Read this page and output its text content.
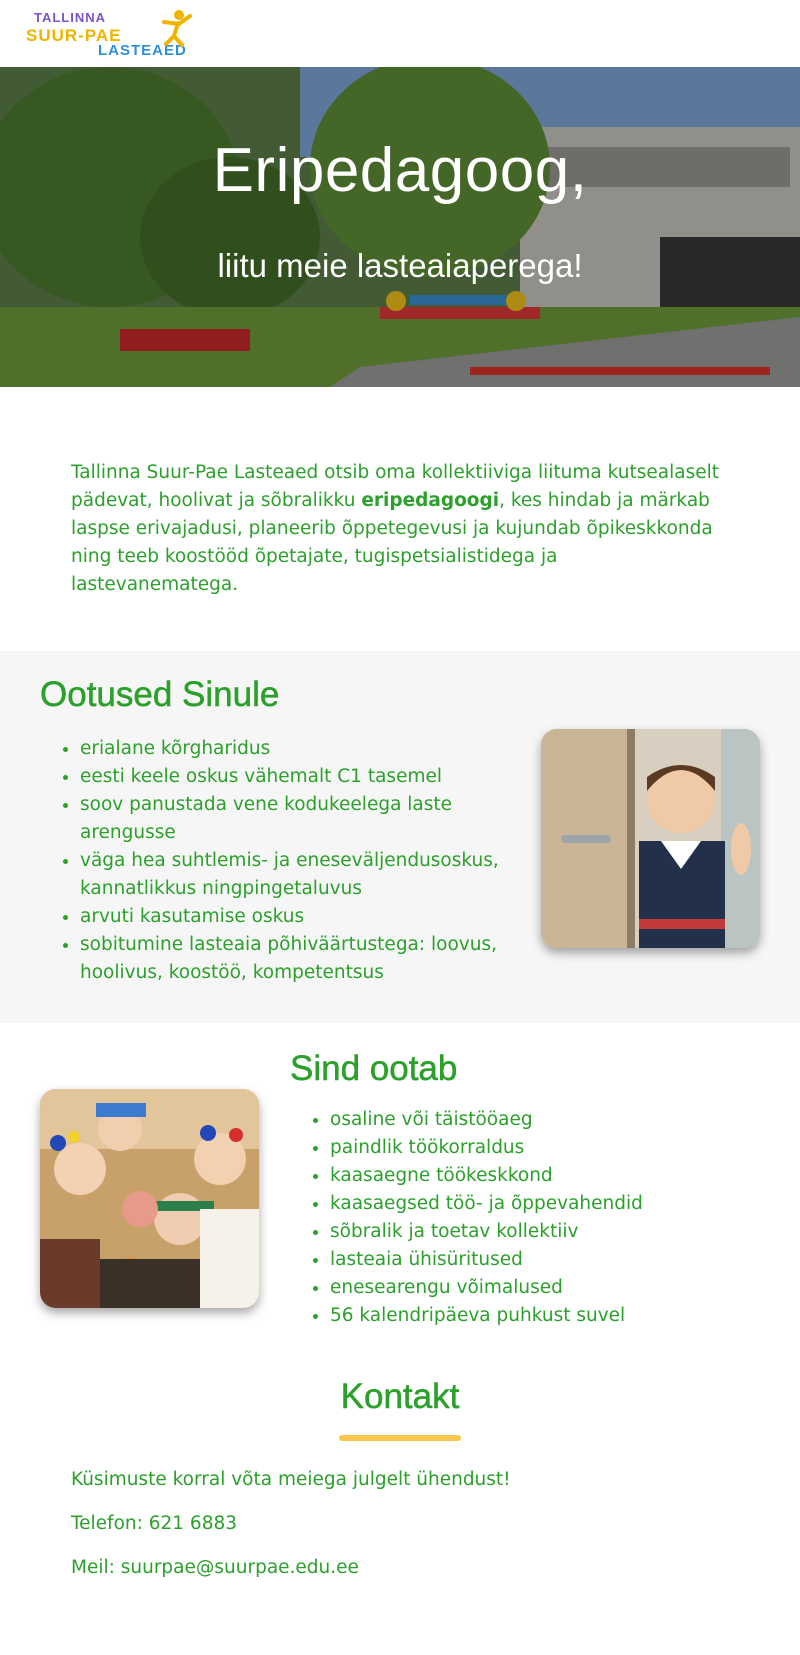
TALLINNA
SUUR-PAE
LASTEAED
Eripedagoog,
liitu meie lasteaiaperega!

Tallinna Suur-Pae Lasteaed otsib oma kollektiiviga liituma kutsealaselt pädevat, hoolivat ja sõbralikku eripedagoogi, kes hindab ja märkab laspse erivajadusi, planeerib õppetegevusi ja kujundab õpikeskkonda ning teeb koostööd õpetajate, tugispetsialistidega ja lastevanematega.

Ootused Sinule
• erialane kõrgharidus
• eesti keele oskus vähemalt C1 tasemel
• soov panustada vene kodukeelega laste arengusse
• väga hea suhtlemis- ja eneseväljendusoskus, kannatlikkus ningpingetaluvus
• arvuti kasutamise oskus
• sobitumine lasteaia põhiväärtustega: loovus, hoolivus, koostöö, kompetentsus
Sind ootab
• osaline või täistööaeg
• paindlik töökorraldus
• kaasaegne töökeskkond
• kaasaegsed töö- ja õppevahendid
• sõbralik ja toetav kollektiiv
• lasteaia ühisüritused
• enesearengu võimalused
• 56 kalendripäeva puhkust suvel
Kontakt

Küsimuste korral võta meiega julgelt ühendust!

Telefon: 621 6883

Meil: suurpae@suurpae.edu.ee
